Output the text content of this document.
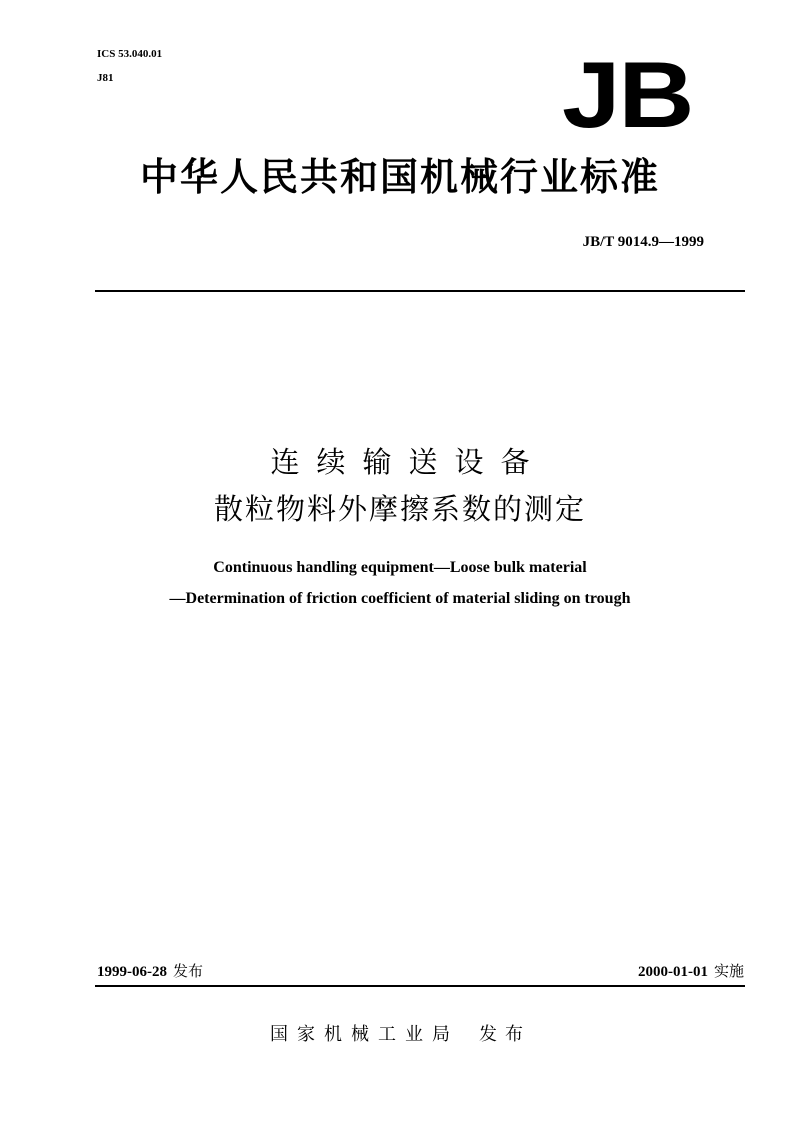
ICS 53.040.01
J81	JB
中华人民共和国机械行业标准
JB/T 9014.9—1999
连续输送设备
散粒物料外摩擦系数的测定
Continuous handling equipment—Loose bulk material
—Determination of friction coefficient of material sliding on trough
1999-06-28 发布	2000-01-01 实施
国家机械工业局 发布
